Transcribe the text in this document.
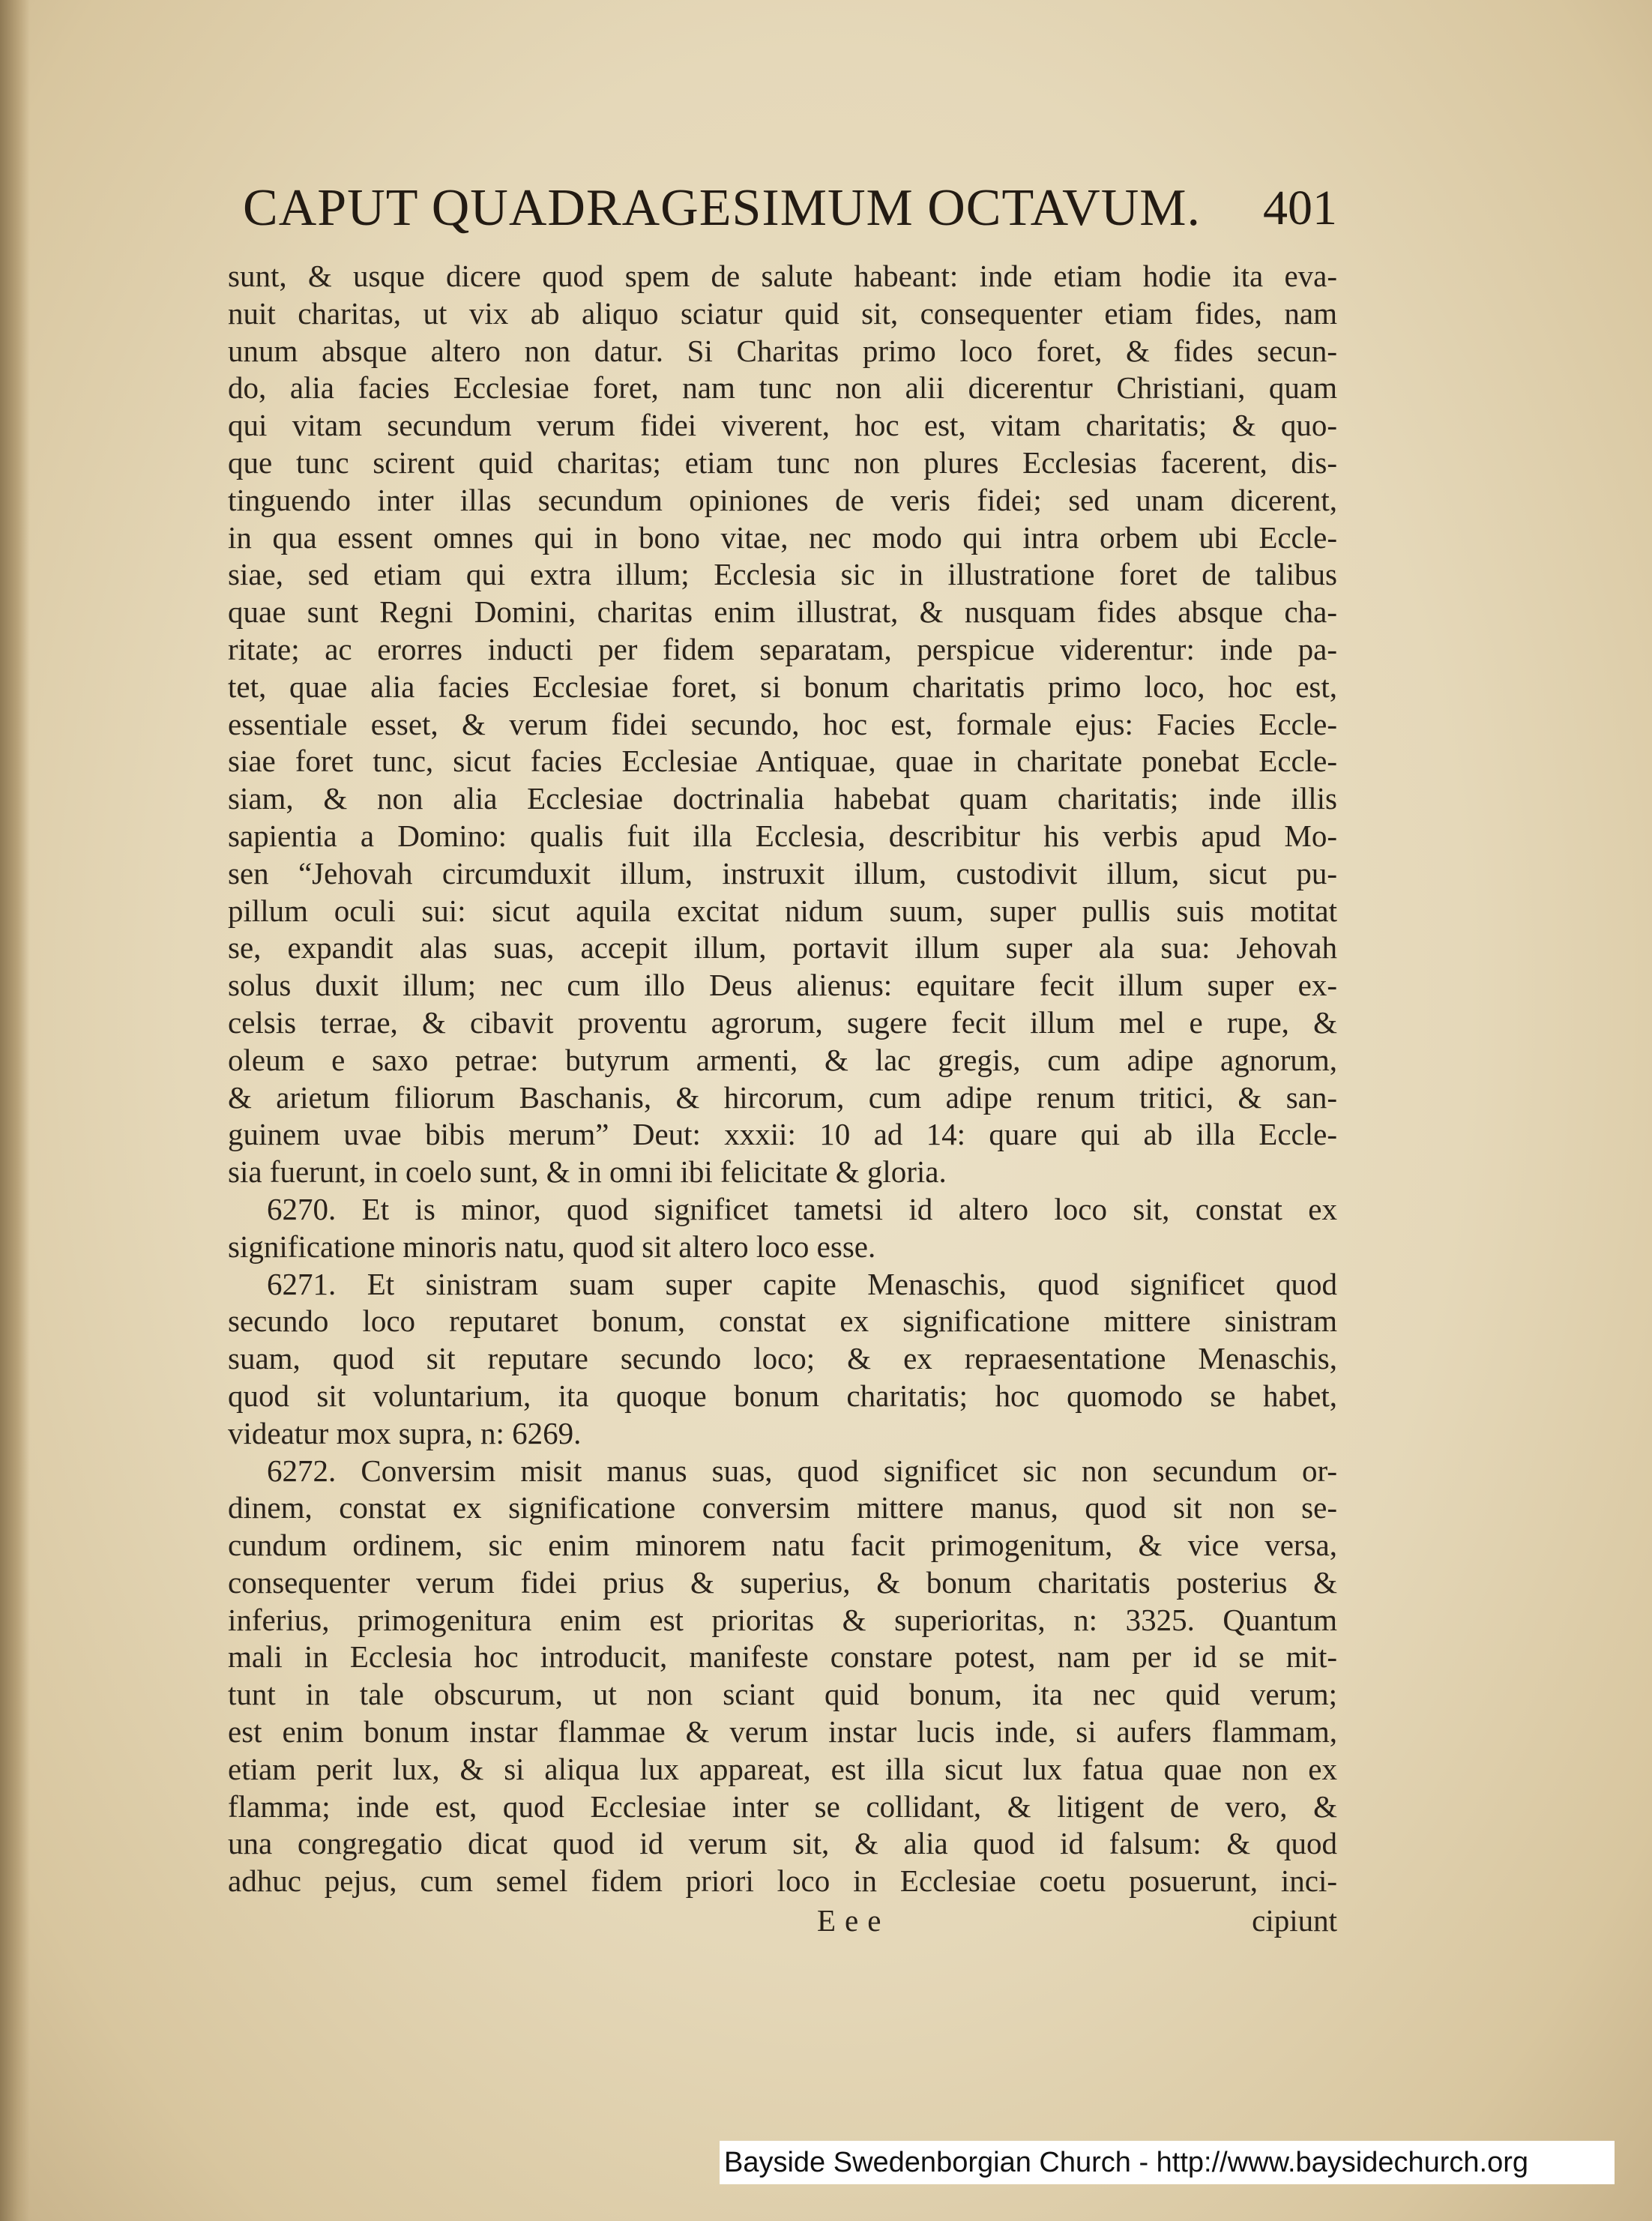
CAPUT QUADRAGESIMUM OCTAVUM. 401
sunt, & usque dicere quod spem de salute habeant: inde etiam hodie ita eva-
nuit charitas, ut vix ab aliquo sciatur quid sit, consequenter etiam fides, nam
unum absque altero non datur. Si Charitas primo loco foret, & fides secun-
do, alia facies Ecclesiae foret, nam tunc non alii dicerentur Christiani, quam
qui vitam secundum verum fidei viverent, hoc est, vitam charitatis; & quo-
que tunc scirent quid charitas; etiam tunc non plures Ecclesias facerent, dis-
tinguendo inter illas secundum opiniones de veris fidei; sed unam dicerent,
in qua essent omnes qui in bono vitae, nec modo qui intra orbem ubi Eccle-
siae, sed etiam qui extra illum; Ecclesia sic in illustratione foret de talibus
quae sunt Regni Domini, charitas enim illustrat, & nusquam fides absque cha-
ritate; ac erorres inducti per fidem separatam, perspicue viderentur: inde pa-
tet, quae alia facies Ecclesiae foret, si bonum charitatis primo loco, hoc est,
essentiale esset, & verum fidei secundo, hoc est, formale ejus: Facies Eccle-
siae foret tunc, sicut facies Ecclesiae Antiquae, quae in charitate ponebat Eccle-
siam, & non alia Ecclesiae doctrinalia habebat quam charitatis; inde illis
sapientia a Domino: qualis fuit illa Ecclesia, describitur his verbis apud Mo-
sen “Jehovah circumduxit illum, instruxit illum, custodivit illum, sicut pu-
pillum oculi sui: sicut aquila excitat nidum suum, super pullis suis motitat
se, expandit alas suas, accepit illum, portavit illum super ala sua: Jehovah
solus duxit illum; nec cum illo Deus alienus: equitare fecit illum super ex-
celsis terrae, & cibavit proventu agrorum, sugere fecit illum mel e rupe, &
oleum e saxo petrae: butyrum armenti, & lac gregis, cum adipe agnorum,
& arietum filiorum Baschanis, & hircorum, cum adipe renum tritici, & san-
guinem uvae bibis merum” Deut: xxxii: 10 ad 14: quare qui ab illa Eccle-
sia fuerunt, in coelo sunt, & in omni ibi felicitate & gloria.
6270. Et is minor, quod significet tametsi id altero loco sit, constat ex
significatione minoris natu, quod sit altero loco esse.
6271. Et sinistram suam super capite Menaschis, quod significet quod
secundo loco reputaret bonum, constat ex significatione mittere sinistram
suam, quod sit reputare secundo loco; & ex repraesentatione Menaschis,
quod sit voluntarium, ita quoque bonum charitatis; hoc quomodo se habet,
videatur mox supra, n: 6269.
6272. Conversim misit manus suas, quod significet sic non secundum or-
dinem, constat ex significatione conversim mittere manus, quod sit non se-
cundum ordinem, sic enim minorem natu facit primogenitum, & vice versa,
consequenter verum fidei prius & superius, & bonum charitatis posterius &
inferius, primogenitura enim est prioritas & superioritas, n: 3325. Quantum
mali in Ecclesia hoc introducit, manifeste constare potest, nam per id se mit-
tunt in tale obscurum, ut non sciant quid bonum, ita nec quid verum;
est enim bonum instar flammae & verum instar lucis inde, si aufers flammam,
etiam perit lux, & si aliqua lux appareat, est illa sicut lux fatua quae non ex
flamma; inde est, quod Ecclesiae inter se collidant, & litigent de vero, &
una congregatio dicat quod id verum sit, & alia quod id falsum: & quod
adhuc pejus, cum semel fidem priori loco in Ecclesiae coetu posuerunt, inci-
Eee	cipiunt
Bayside Swedenborgian Church - http://www.baysidechurch.org
